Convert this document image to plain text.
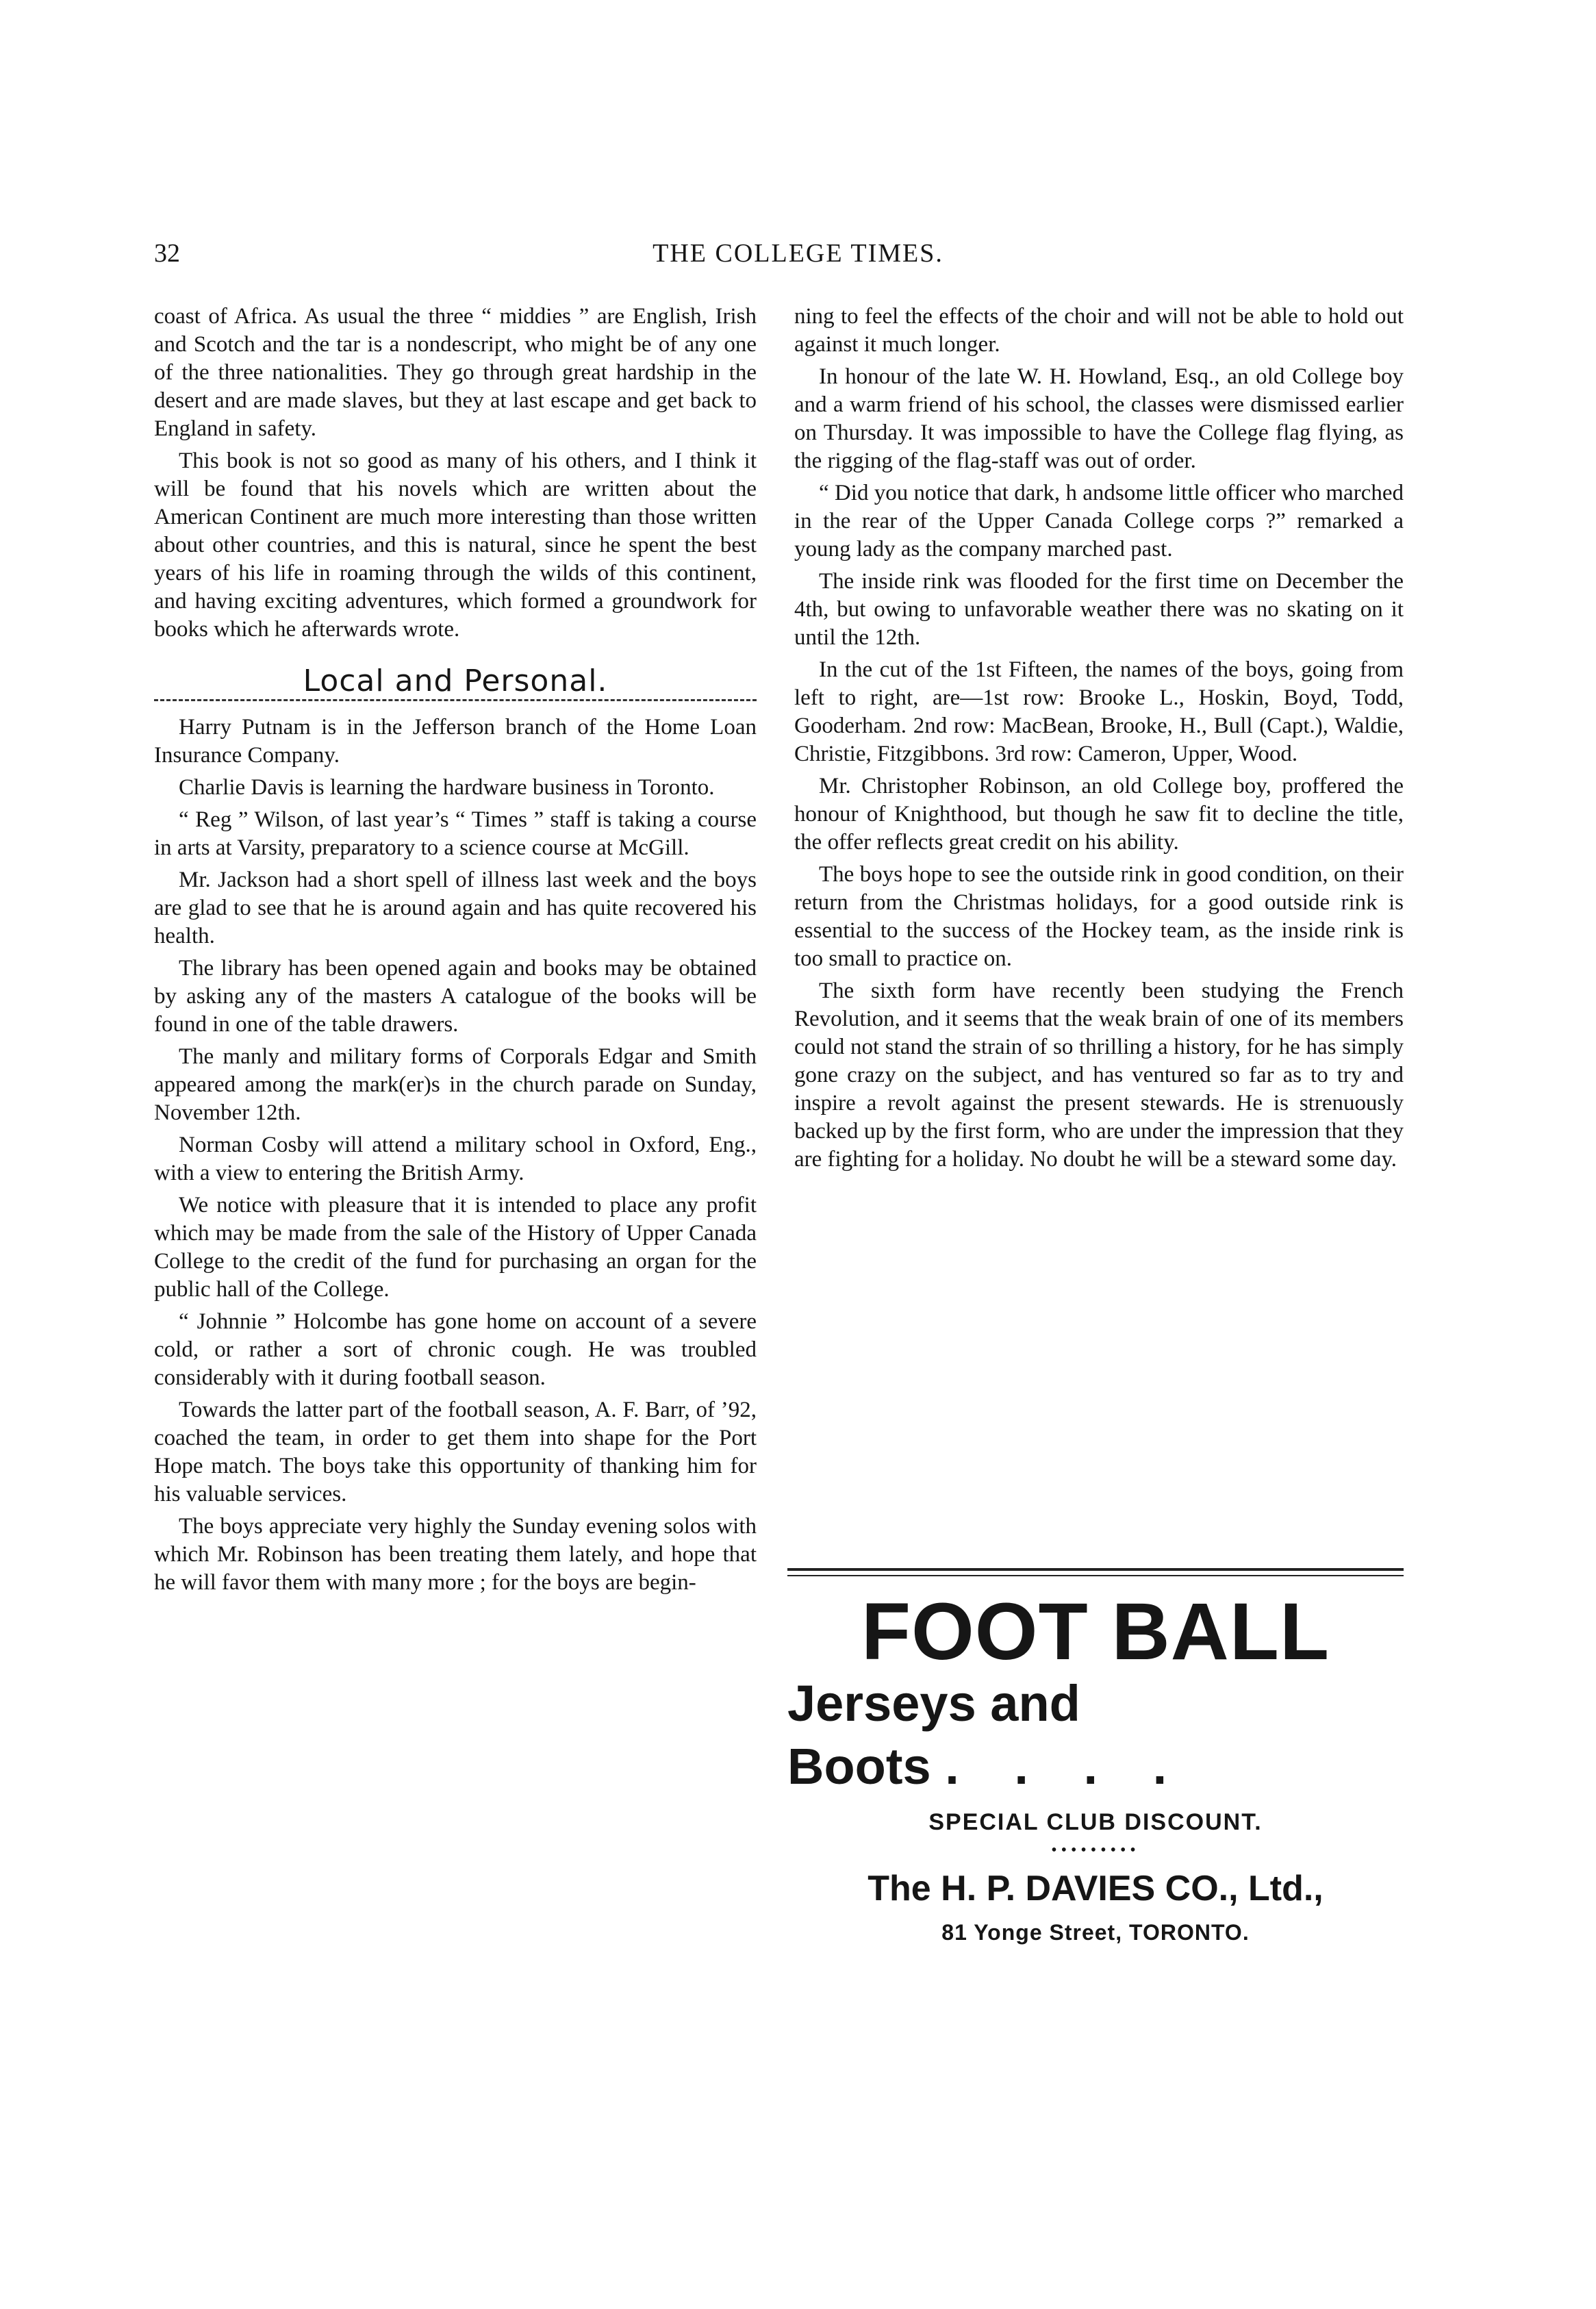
32	THE COLLEGE TIMES.

coast of Africa. As usual the three “ middies ” are English, Irish and Scotch and the tar is a nondescript, who might be of any one of the three nationalities. They go through great hardship in the desert and are made slaves, but they at last escape and get back to England in safety.

This book is not so good as many of his others, and I think it will be found that his novels which are written about the American Continent are much more interesting than those written about other countries, and this is natural, since he spent the best years of his life in roaming through the wilds of this continent, and having exciting adventures, which formed a groundwork for books which he afterwards wrote.

Local and Personal.

Harry Putnam is in the Jefferson branch of the Home Loan Insurance Company.

Charlie Davis is learning the hardware business in Toronto.

“ Reg ” Wilson, of last year’s “ Times ” staff is taking a course in arts at Varsity, preparatory to a science course at McGill.

Mr. Jackson had a short spell of illness last week and the boys are glad to see that he is around again and has quite recovered his health.

The library has been opened again and books may be obtained by asking any of the masters A catalogue of the books will be found in one of the table drawers.

The manly and military forms of Corporals Edgar and Smith appeared among the mark(er)s in the church parade on Sunday, November 12th.

Norman Cosby will attend a military school in Oxford, Eng., with a view to entering the British Army.

We notice with pleasure that it is intended to place any profit which may be made from the sale of the History of Upper Canada College to the credit of the fund for purchasing an organ for the public hall of the College.

“ Johnnie ” Holcombe has gone home on account of a severe cold, or rather a sort of chronic cough. He was troubled considerably with it during football season.

Towards the latter part of the football season, A. F. Barr, of ’92, coached the team, in order to get them into shape for the Port Hope match. The boys take this opportunity of thanking him for his valuable services.

The boys appreciate very highly the Sunday evening solos with which Mr. Robinson has been treating them lately, and hope that he will favor them with many more ; for the boys are begin-

ning to feel the effects of the choir and will not be able to hold out against it much longer.

In honour of the late W. H. Howland, Esq., an old College boy and a warm friend of his school, the classes were dismissed earlier on Thursday. It was impossible to have the College flag flying, as the rigging of the flag-staff was out of order.

“ Did you notice that dark, h andsome little officer who marched in the rear of the Upper Canada College corps ?” remarked a young lady as the company marched past.

The inside rink was flooded for the first time on December the 4th, but owing to unfavorable weather there was no skating on it until the 12th.

In the cut of the 1st Fifteen, the names of the boys, going from left to right, are—1st row: Brooke L., Hoskin, Boyd, Todd, Gooderham. 2nd row: MacBean, Brooke, H., Bull (Capt.), Waldie, Christie, Fitzgibbons. 3rd row: Cameron, Upper, Wood.

Mr. Christopher Robinson, an old College boy, proffered the honour of Knighthood, but though he saw fit to decline the title, the offer reflects great credit on his ability.

The boys hope to see the outside rink in good condition, on their return from the Christmas holidays, for a good outside rink is essential to the success of the Hockey team, as the inside rink is too small to practice on.

The sixth form have recently been studying the French Revolution, and it seems that the weak brain of one of its members could not stand the strain of so thrilling a history, for he has simply gone crazy on the subject, and has ventured so far as to try and inspire a revolt against the present stewards. He is strenuously backed up by the first form, who are under the impression that they are fighting for a holiday. No doubt he will be a steward some day.

FOOT BALL
Jerseys and
Boots . . . .
SPECIAL CLUB DISCOUNT.
•••••••••
The H. P. DAVIES CO., Ltd.,
81 Yonge Street, TORONTO.
